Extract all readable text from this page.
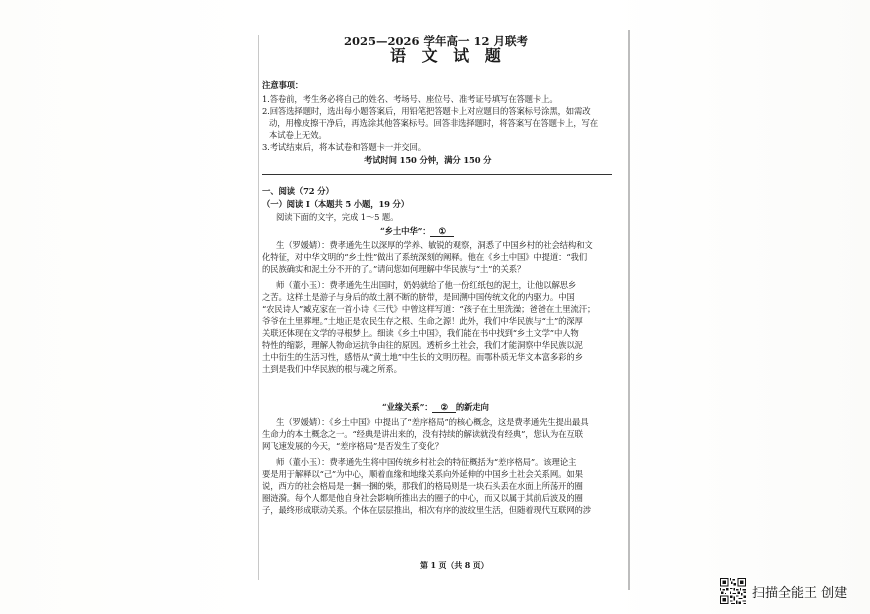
2025—2026 学年高一 12 月联考
语 文 试 题
注意事项：
1.答卷前，考生务必将自己的姓名、考场号、座位号、准考证号填写在答题卡上。
2.回答选择题时，选出每小题答案后，用铅笔把答题卡上对应题目的答案标号涂黑，如需改
动，用橡皮擦干净后，再选涂其他答案标号。回答非选择题时，将答案写在答题卡上，写在
本试卷上无效。
3.考试结束后，将本试卷和答题卡一并交回。
考试时间 150 分钟，满分 150 分
一、阅读（72 分）
（一）阅读 I（本题共 5 小题，19 分）
阅读下面的文字，完成 1～5 题。
“乡土中华”： ①
生（罗媛婧）：费孝通先生以深厚的学养、敏锐的观察，洞悉了中国乡村的社会结构和文
化特征，对中华文明的“乡土性”做出了系统深刻的阐释。他在《乡土中国》中提道：“我们
的民族确实和泥土分不开的了。”请问您如何理解中华民族与“土”的关系？
师（董小玉）：费孝通先生出国时，奶妈就给了他一份红纸包的泥土，让他以解思乡
之苦。这样土是游子与身后的故土割不断的脐带，是回溯中国传统文化的内驱力。中国
“农民诗人”臧克家在一首小诗《三代》中曾这样写道：“孩子在土里洗澡；爸爸在土里流汗；
爷爷在土里葬埋。”土地正是农民生存之根、生命之源！此外，我们中华民族与“土”的深厚
关联还体现在文学的寻根梦上。细读《乡土中国》，我们能在书中找到“乡土文学”中人物
特性的缩影，理解人物命运抗争由往的原因。透析乡土社会，我们才能洞察中华民族以泥
土中衍生的生活习性，感悟从“黄土地”中生长的文明历程。而鄂朴质无华文本富多彩的乡
土到是我们中华民族的根与魂之所系。
“业缘关系”： ② 的新走向
生（罗媛婧）：《乡土中国》中提出了“差序格局”的核心概念，这是费孝通先生提出最具
生命力的本土概念之一。“经典是讲出来的，没有持续的解读就没有经典”，您认为在互联
网飞速发展的今天，“差序格局”是否发生了变化？
师（董小玉）：费孝通先生将中国传统乡村社会的特征概括为“差序格局”。该理论主
要是用于解释以“己”为中心，顺着血缘和地缘关系向外延伸的中国乡土社会关系网。如果
说，西方的社会格局是一捆一捆的柴，那我们的格局则是一块石头丢在水面上所荡开的圈
圈涟漪。每个人都是他自身社会影响所推出去的圈子的中心，而又以属于其前后波及的圈
子，最终形成联动关系。个体在层层推出，相次有序的波纹里生活，但随着现代互联网的涉
第 1 页（共 8 页）
扫描全能王 创建
